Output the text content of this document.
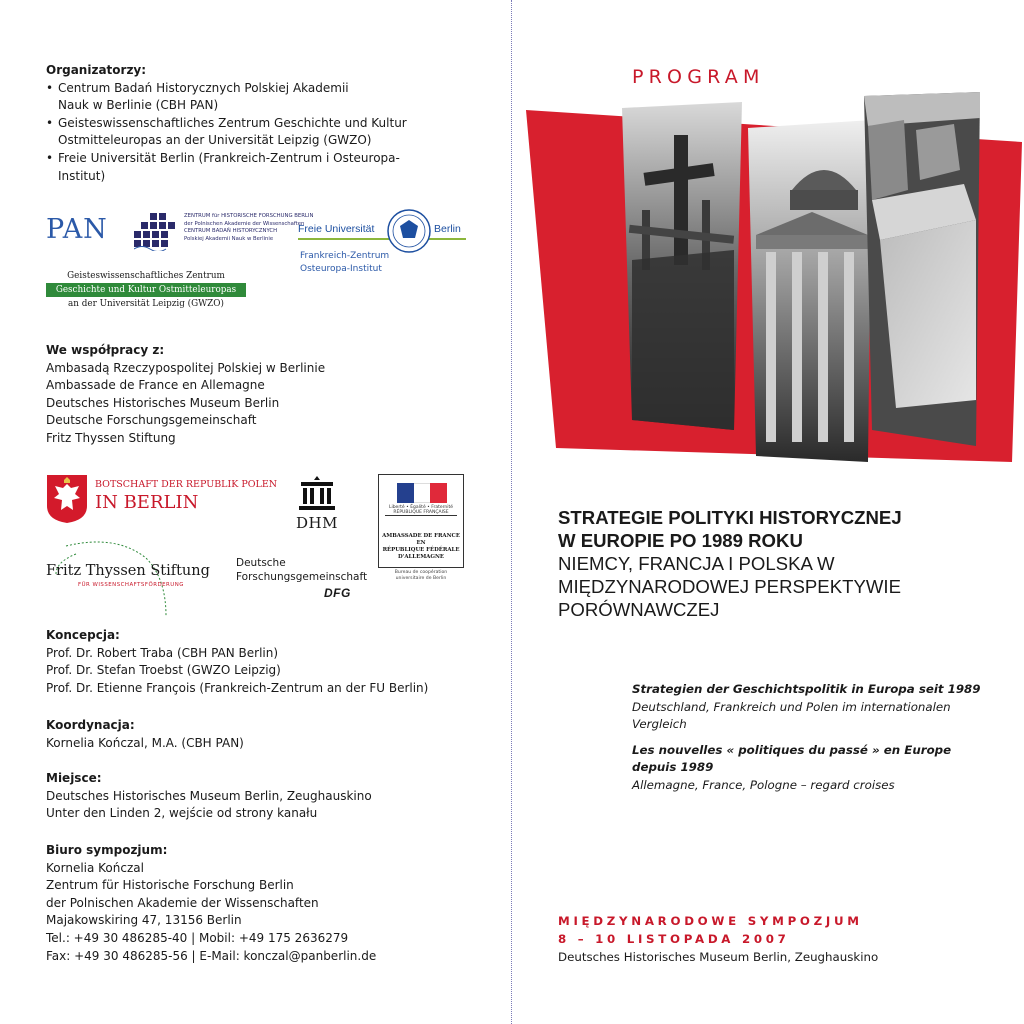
Organizatorzy:
• Centrum Badań Historycznych Polskiej Akademii
Nauk w Berlinie (CBH PAN)
• Geisteswissenschaftliches Zentrum Geschichte und Kultur
Ostmitteleuropas an der Universität Leipzig (GWZO)
• Freie Universität Berlin (Frankreich-Zentrum i Osteuropa-
Institut)
PAN	ZENTRUM für HISTORISCHE FORSCHUNG BERLIN
der Polnischen Akademie der Wissenschaften
CENTRUM BADAŃ HISTORYCZNYCH
Polskiej Akademii Nauk w Berlinie
Freie Universität	Berlin
Frankreich-Zentrum
Osteuropa-Institut
Geisteswissenschaftliches Zentrum
Geschichte und Kultur Ostmitteleuropas
an der Universität Leipzig (GWZO)
We współpracy z:
Ambasadą Rzeczypospolitej Polskiej w Berlinie
Ambassade de France en Allemagne
Deutsches Historisches Museum Berlin
Deutsche Forschungsgemeinschaft
Fritz Thyssen Stiftung
BOTSCHAFT DER REPUBLIK POLEN
IN BERLIN
DHM
Liberté • Égalité • Fraternité
RÉPUBLIQUE FRANÇAISE
AMBASSADE DE FRANCE
EN
RÉPUBLIQUE FÉDÉRALE
D'ALLEMAGNE
Bureau de coopération
universitaire de Berlin
Fritz Thyssen Stiftung
FÜR WISSENSCHAFTSFÖRDERUNG
Deutsche
Forschungsgemeinschaft
DFG
Koncepcja:
Prof. Dr. Robert Traba (CBH PAN Berlin)
Prof. Dr. Stefan Troebst (GWZO Leipzig)
Prof. Dr. Etienne François (Frankreich-Zentrum an der FU Berlin)
Koordynacja:
Kornelia Kończal, M.A. (CBH PAN)
Miejsce:
Deutsches Historisches Museum Berlin, Zeughauskino
Unter den Linden 2, wejście od strony kanału
Biuro sympozjum:
Kornelia Kończal
Zentrum für Historische Forschung Berlin
der Polnischen Akademie der Wissenschaften
Majakowskiring 47, 13156 Berlin
Tel.: +49 30 486285-40 | Mobil: +49 175 2636279
Fax: +49 30 486285-56 | E-Mail: konczal@panberlin.de
PROGRAM
STRATEGIE POLITYKI HISTORYCZNEJ
W EUROPIE PO 1989 ROKU
NIEMCY, FRANCJA I POLSKA W
MIĘDZYNARODOWEJ PERSPEKTYWIE
PORÓWNAWCZEJ
Strategien der Geschichtspolitik in Europa seit 1989
Deutschland, Frankreich und Polen im internationalen
Vergleich
Les nouvelles « politiques du passé » en Europe depuis 1989
Allemagne, France, Pologne – regard croises
MIĘDZYNARODOWE SYMPOZJUM
8 – 10 LISTOPADA 2007
Deutsches Historisches Museum Berlin, Zeughauskino
